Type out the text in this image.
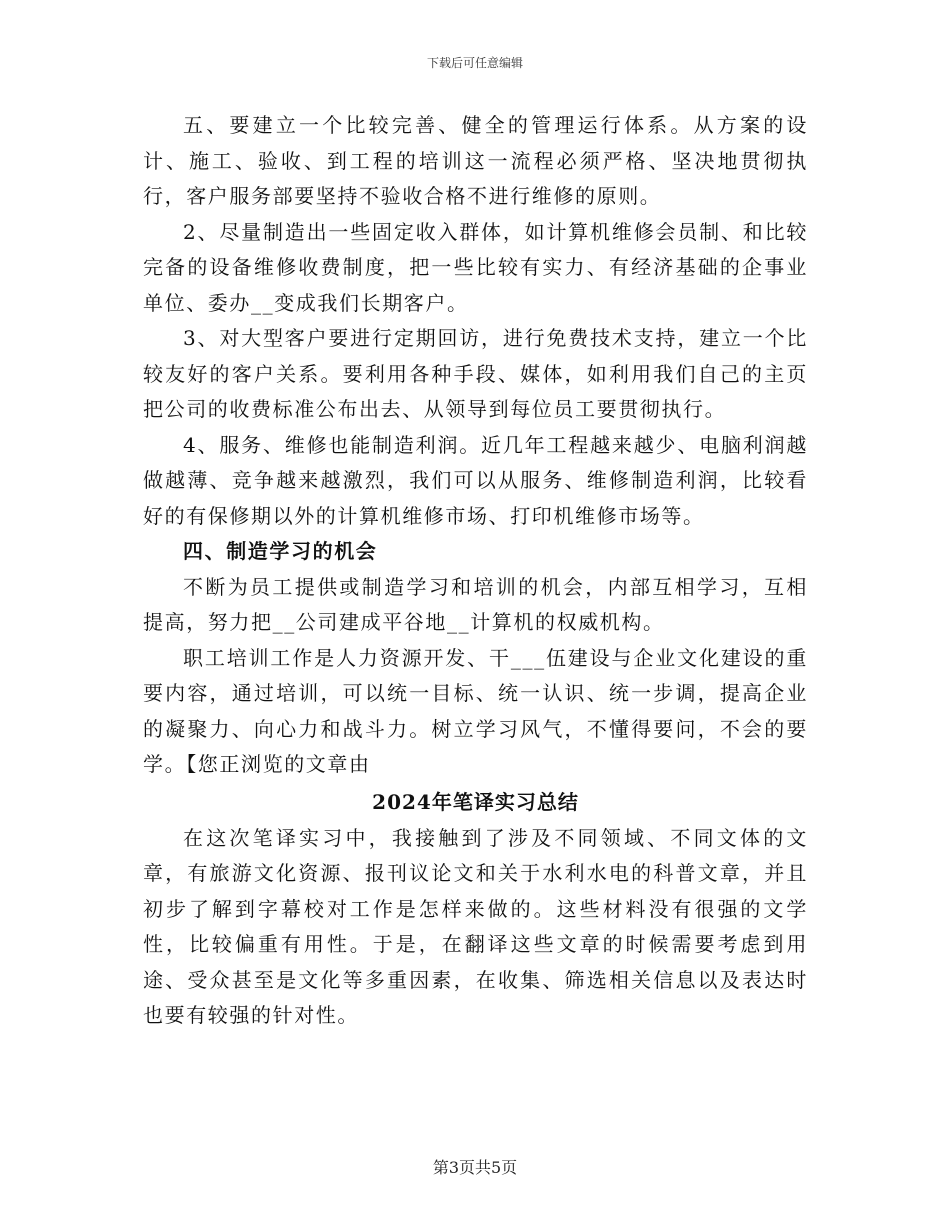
下载后可任意编辑

五、要建立一个比较完善、健全的管理运行体系。从方案的设计、施工、验收、到工程的培训这一流程必须严格、坚决地贯彻执行，客户服务部要坚持不验收合格不进行维修的原则。

2、尽量制造出一些固定收入群体，如计算机维修会员制、和比较完备的设备维修收费制度，把一些比较有实力、有经济基础的企事业单位、委办__变成我们长期客户。

3、对大型客户要进行定期回访，进行免费技术支持，建立一个比较友好的客户关系。要利用各种手段、媒体，如利用我们自己的主页把公司的收费标准公布出去、从领导到每位员工要贯彻执行。

4、服务、维修也能制造利润。近几年工程越来越少、电脑利润越做越薄、竞争越来越激烈，我们可以从服务、维修制造利润，比较看好的有保修期以外的计算机维修市场、打印机维修市场等。

四、制造学习的机会

不断为员工提供或制造学习和培训的机会，内部互相学习，互相提高，努力把__公司建成平谷地__计算机的权威机构。

职工培训工作是人力资源开发、干___伍建设与企业文化建设的重要内容，通过培训，可以统一目标、统一认识、统一步调，提高企业的凝聚力、向心力和战斗力。树立学习风气，不懂得要问，不会的要学。【您正浏览的文章由

2024年笔译实习总结

在这次笔译实习中，我接触到了涉及不同领域、不同文体的文章，有旅游文化资源、报刊议论文和关于水利水电的科普文章，并且初步了解到字幕校对工作是怎样来做的。这些材料没有很强的文学性，比较偏重有用性。于是，在翻译这些文章的时候需要考虑到用途、受众甚至是文化等多重因素，在收集、筛选相关信息以及表达时也要有较强的针对性。

第3页共5页
